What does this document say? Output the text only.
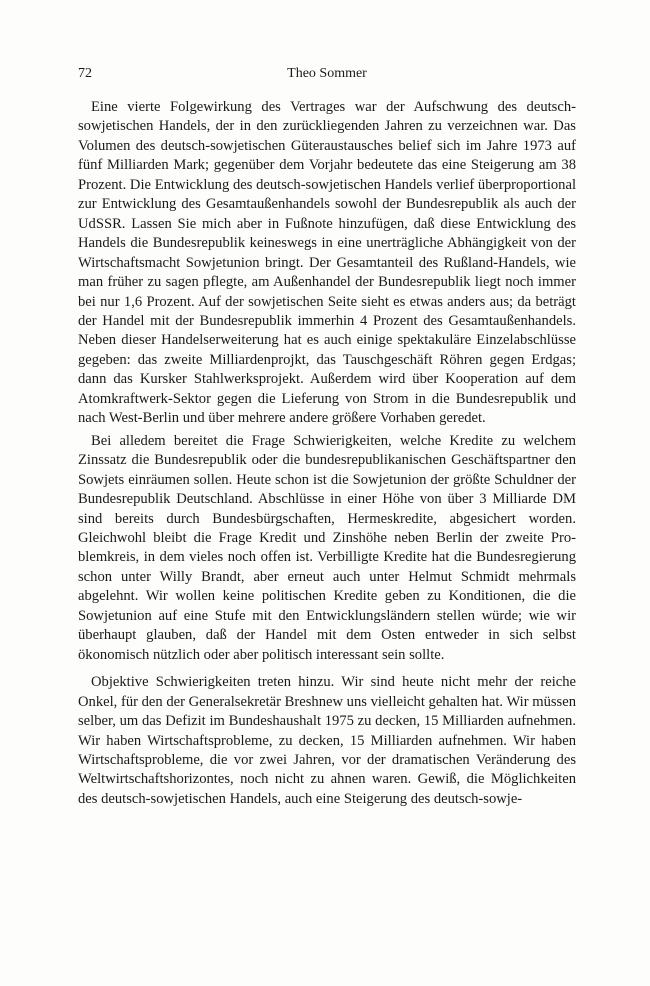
72	Theo Sommer

Eine vierte Folgewirkung des Vertrages war der Aufschwung des deutsch-sowjetischen Handels, der in den zurückliegenden Jahren zu verzeichnen war. Das Volumen des deutsch-sowjetischen Güteraustausches belief sich im Jahre 1973 auf fünf Milliarden Mark; gegenüber dem Vorjahr bedeutete das eine Steigerung am 38 Prozent. Die Entwicklung des deutsch-sowjetischen Handels verlief überproportional zur Entwicklung des Gesamtaußenhandels sowohl der Bundesrepublik als auch der UdSSR. Lassen Sie mich aber in Fußnote hinzufügen, daß diese Entwicklung des Handels die Bundesrepublik keineswegs in eine unerträgliche Abhängigkeit von der Wirtschaftsmacht Sowjetunion bringt. Der Gesamtanteil des Rußland-Handels, wie man früher zu sagen pflegte, am Außenhandel der Bundesrepublik liegt noch immer bei nur 1,6 Prozent. Auf der sowjetischen Seite sieht es etwas anders aus; da beträgt der Handel mit der Bundesrepublik immerhin 4 Prozent des Gesamtaußenhandels. Neben dieser Handelserweiterung hat es auch einige spektakuläre Einzelabschlüsse gegeben: das zweite Milliardenprojkt, das Tauschgeschäft Röhren gegen Erdgas; dann das Kursker Stahlwerksprojekt. Außerdem wird über Kooperation auf dem Atomkraftwerk-Sektor gegen die Lieferung von Strom in die Bundesrepublik und nach West-Berlin und über mehrere andere größere Vorhaben geredet.

Bei alledem bereitet die Frage Schwierigkeiten, welche Kredite zu welchem Zinssatz die Bundesrepublik oder die bundesrepublikanischen Geschäftspartner den Sowjets einräumen sollen. Heute schon ist die Sowjetunion der größte Schuldner der Bundesrepublik Deutschland. Abschlüsse in einer Höhe von über 3 Milliarde DM sind bereits durch Bundesbürgschaften, Hermeskredite, abgesichert worden. Gleichwohl bleibt die Frage Kredit und Zinshöhe neben Berlin der zweite Problemkreis, in dem vieles noch offen ist. Verbilligte Kredite hat die Bundesregierung schon unter Willy Brandt, aber erneut auch unter Helmut Schmidt mehrmals abgelehnt. Wir wollen keine politischen Kredite geben zu Konditionen, die die Sowjetunion auf eine Stufe mit den Entwicklungsländern stellen würde; wie wir überhaupt glauben, daß der Handel mit dem Osten entweder in sich selbst ökonomisch nützlich oder aber politisch interessant sein sollte.

Objektive Schwierigkeiten treten hinzu. Wir sind heute nicht mehr der reiche Onkel, für den der Generalsekretär Breshnew uns vielleicht gehalten hat. Wir müssen selber, um das Defizit im Bundeshaushalt 1975 zu decken, 15 Milliarden aufnehmen. Wir haben Wirtschaftsprobleme, zu decken, 15 Milliarden aufnehmen. Wir haben Wirtschaftsprobleme, die vor zwei Jahren, vor der dramatischen Veränderung des Weltwirtschaftshorizontes, noch nicht zu ahnen waren. Gewiß, die Möglichkeiten des deutsch-sowjetischen Handels, auch eine Steigerung des deutsch-sowje-
